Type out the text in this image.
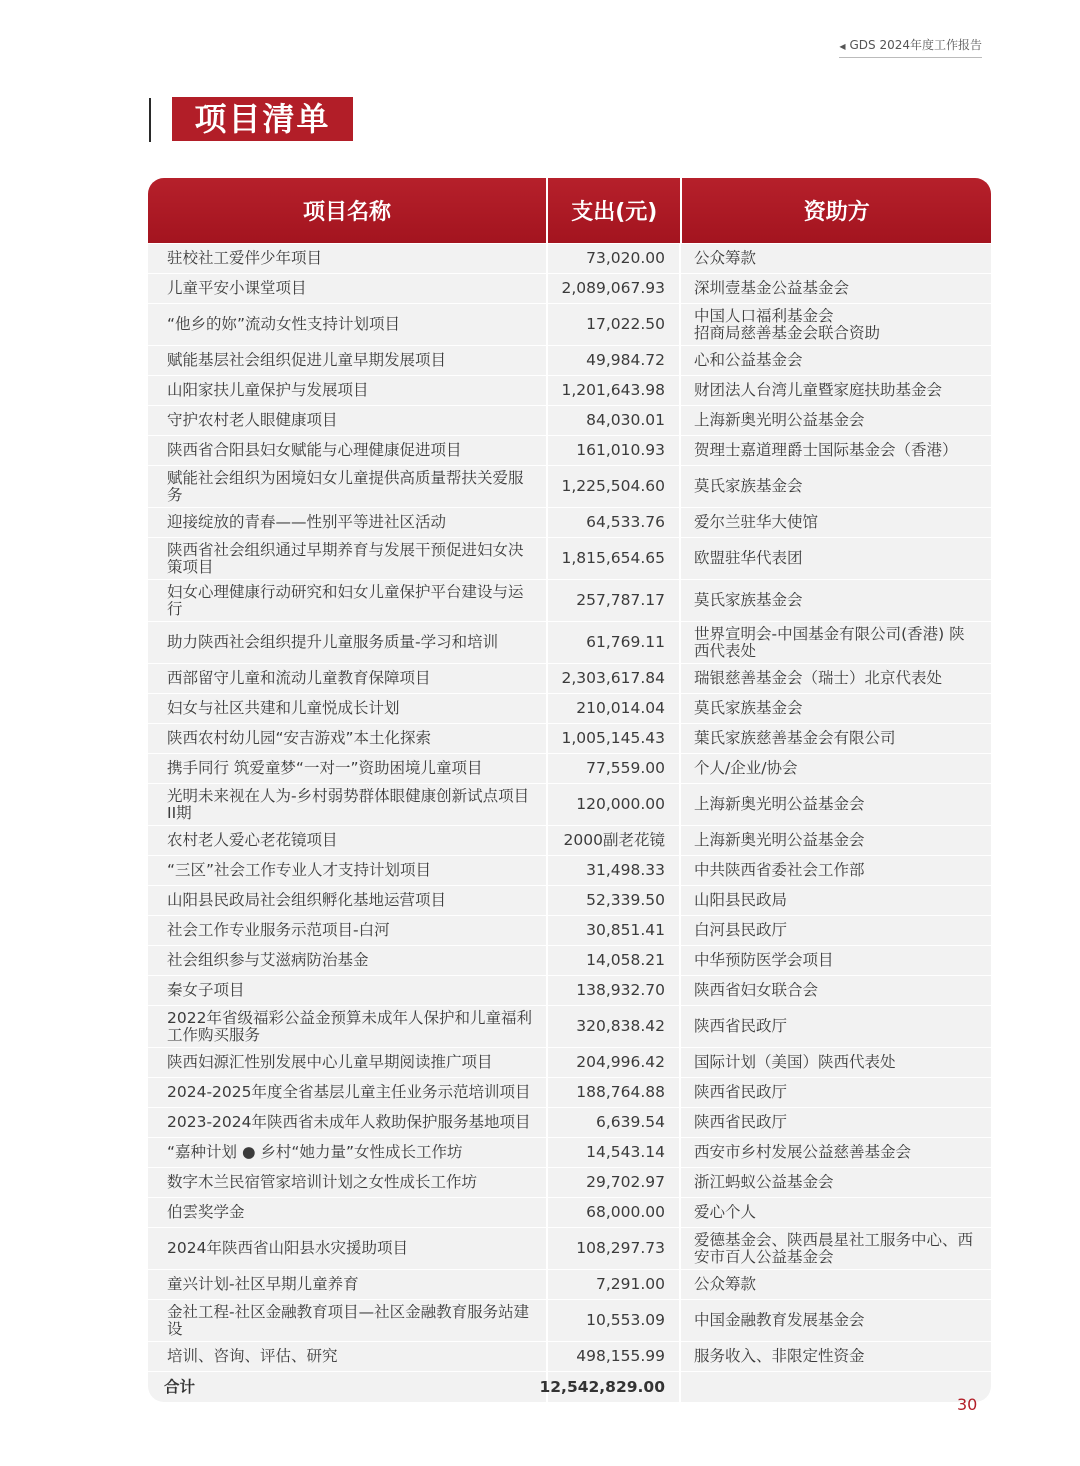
◀ GDS 2024年度工作报告
项目清单
项目名称	支出(元)	资助方
驻校社工爱伴少年项目	73,020.00	公众筹款
儿童平安小课堂项目	2,089,067.93	深圳壹基金公益基金会
“他乡的妳”流动女性支持计划项目	17,022.50	中国人口福利基金会
招商局慈善基金会联合资助
赋能基层社会组织促进儿童早期发展项目	49,984.72	心和公益基金会
山阳家扶儿童保护与发展项目	1,201,643.98	财团法人台湾儿童暨家庭扶助基金会
守护农村老人眼健康项目	84,030.01	上海新奥光明公益基金会
陕西省合阳县妇女赋能与心理健康促进项目	161,010.93	贺理士嘉道理爵士国际基金会（香港）
赋能社会组织为困境妇女儿童提供高质量帮扶关爱服务	1,225,504.60	莫氏家族基金会
迎接绽放的青春——性别平等进社区活动	64,533.76	爱尔兰驻华大使馆
陕西省社会组织通过早期养育与发展干预促进妇女决策项目	1,815,654.65	欧盟驻华代表团
妇女心理健康行动研究和妇女儿童保护平台建设与运行	257,787.17	莫氏家族基金会
助力陕西社会组织提升儿童服务质量-学习和培训	61,769.11	世界宣明会-中国基金有限公司(香港) 陕西代表处
西部留守儿童和流动儿童教育保障项目	2,303,617.84	瑞银慈善基金会（瑞士）北京代表处
妇女与社区共建和儿童悦成长计划	210,014.04	莫氏家族基金会
陕西农村幼儿园“安吉游戏”本土化探索	1,005,145.43	葉氏家族慈善基金会有限公司
携手同行 筑爱童梦“一对一”资助困境儿童项目	77,559.00	个人/企业/协会
光明未来视在人为-乡村弱势群体眼健康创新试点项目II期	120,000.00	上海新奥光明公益基金会
农村老人爱心老花镜项目	2000副老花镜	上海新奥光明公益基金会
“三区”社会工作专业人才支持计划项目	31,498.33	中共陕西省委社会工作部
山阳县民政局社会组织孵化基地运营项目	52,339.50	山阳县民政局
社会工作专业服务示范项目-白河	30,851.41	白河县民政厅
社会组织参与艾滋病防治基金	14,058.21	中华预防医学会项目
秦女子项目	138,932.70	陕西省妇女联合会
2022年省级福彩公益金预算未成年人保护和儿童福利工作购买服务	320,838.42	陕西省民政厅
陕西妇源汇性别发展中心儿童早期阅读推广项目	204,996.42	国际计划（美国）陕西代表处
2024-2025年度全省基层儿童主任业务示范培训项目	188,764.88	陕西省民政厅
2023-2024年陕西省未成年人救助保护服务基地项目	6,639.54	陕西省民政厅
“嘉种计划 ● 乡村“她力量”女性成长工作坊	14,543.14	西安市乡村发展公益慈善基金会
数字木兰民宿管家培训计划之女性成长工作坊	29,702.97	浙江蚂蚁公益基金会
伯雲奖学金	68,000.00	爱心个人
2024年陕西省山阳县水灾援助项目	108,297.73	爱德基金会、陕西晨星社工服务中心、西安市百人公益基金会
童兴计划-社区早期儿童养育	7,291.00	公众筹款
金社工程-社区金融教育项目—社区金融教育服务站建设	10,553.09	中国金融教育发展基金会
培训、咨询、评估、研究	498,155.99	服务收入、非限定性资金
合计	12,542,829.00
30
